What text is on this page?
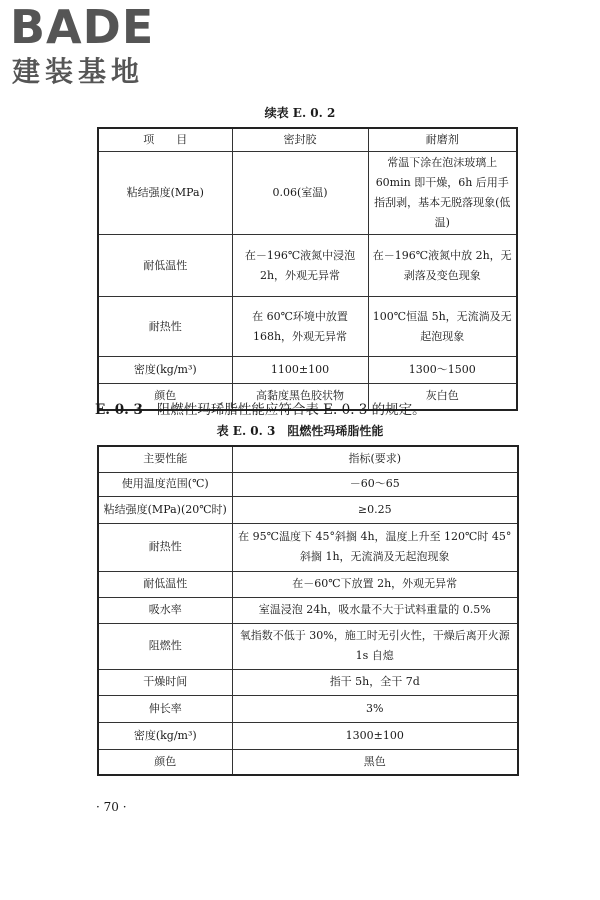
BADE
建装基地
续表 E. 0. 2
项　　目	密封胶	耐磨剂
粘结强度(MPa)	0.06(室温)	常温下涂在泡沫玻璃上 60min 即干燥，6h 后用手指刮剥，基本无脱落现象(低温)
耐低温性	在－196℃液氮中浸泡 2h，外观无异常	在－196℃液氮中放 2h，无剥落及变色现象
耐热性	在 60℃环境中放置 168h，外观无异常	100℃恒温 5h，无流淌及无起泡现象
密度(kg/m³)	1100±100	1300～1500
颜色	高黏度黑色胶状物	灰白色
E. 0. 3 阻燃性玛琋脂性能应符合表 E. 0. 3 的规定。
表 E. 0. 3　阻燃性玛琋脂性能
主要性能	指标(要求)
使用温度范围(℃)	－60～65
粘结强度(MPa)(20℃时)	≥0.25
耐热性	在 95℃温度下 45°斜搁 4h，温度上升至 120℃时 45°斜搁 1h，无流淌及无起泡现象
耐低温性	在－60℃下放置 2h，外观无异常
吸水率	室温浸泡 24h，吸水量不大于试料重量的 0.5%
阻燃性	氧指数不低于 30%，施工时无引火性，干燥后离开火源 1s 自熄
干燥时间	指干 5h，全干 7d
伸长率	3%
密度(kg/m³)	1300±100
颜色	黑色
· 70 ·
